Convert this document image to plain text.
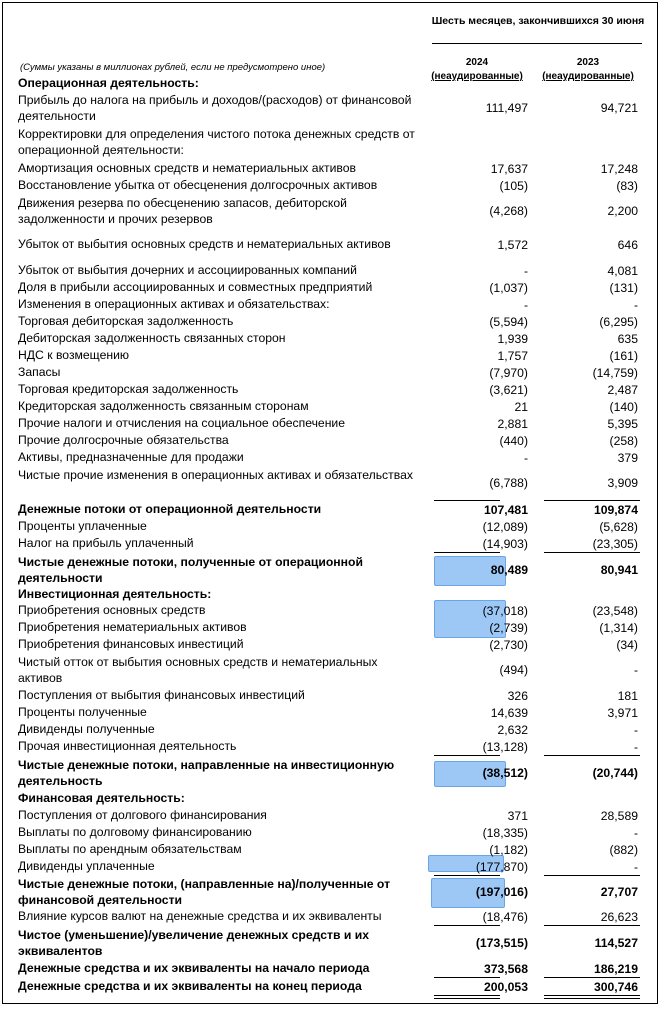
Шесть месяцев, закончившихся 30 июня
(Суммы указаны в миллионах рублей, если не предусмотрено иное)	2024
(неаудированные)
2023
(неаудированные)
Операционная деятельность:
Прибыль до налога на прибыль и доходов/(расходов) от финансовой деятельности
111,497	94,721
Корректировки для определения чистого потока денежных средств от операционной деятельности:
Амортизация основных средств и нематериальных активов	17,637	17,248
Восстановление убытка от обесценения долгосрочных активов	(105)	(83)
Движения резерва по обесценению запасов, дебиторской задолженности и прочих резервов
(4,268)	2,200
Убыток от выбытия основных средств и нематериальных активов	1,572	646
Убыток от выбытия дочерних и ассоциированных компаний	-	4,081
Доля в прибыли ассоциированных и совместных предприятий	(1,037)	(131)
Изменения в операционных активах и обязательствах:	-	-
Торговая дебиторская задолженность	(5,594)	(6,295)
Дебиторская задолженность связанных сторон	1,939	635
НДС к возмещению	1,757	(161)
Запасы	(7,970)	(14,759)
Торговая кредиторская задолженность	(3,621)	2,487
Кредиторская задолженность связанным сторонам	21	(140)
Прочие налоги и отчисления на социальное обеспечение	2,881	5,395
Прочие долгосрочные обязательства	(440)	(258)
Активы, предназначенные для продажи	-	379
Чистые прочие изменения в операционных активах и обязательствах
(6,788)	3,909
Денежные потоки от операционной деятельности	107,481	109,874
Проценты уплаченные	(12,089)	(5,628)
Налог на прибыль уплаченный	(14,903)	(23,305)
Чистые денежные потоки, полученные от операционной деятельности
80,489	80,941
Инвестиционная деятельность:
Приобретения основных средств	(37,018)	(23,548)
Приобретения нематериальных активов	(2,739)	(1,314)
Приобретения финансовых инвестиций	(2,730)	(34)
Чистый отток от выбытия основных средств и нематериальных активов
(494)	-
Поступления от выбытия финансовых инвестиций	326	181
Проценты полученные	14,639	3,971
Дивиденды полученные	2,632	-
Прочая инвестиционная деятельность	(13,128)	-
Чистые денежные потоки, направленные на инвестиционную деятельность
(38,512)	(20,744)
Финансовая деятельность:
Поступления от долгового финансирования	371	28,589
Выплаты по долговому финансированию	(18,335)	-
Выплаты по арендным обязательствам	(1,182)	(882)
Дивиденды уплаченные	(177,870)	-
Чистые денежные потоки, (направленные на)/полученные от финансовой деятельности
(197,016)	27,707
Влияние курсов валют на денежные средства и их эквиваленты	(18,476)	26,623
Чистое (уменьшение)/увеличение денежных средств и их эквивалентов
(173,515)	114,527
Денежные средства и их эквиваленты на начало периода	373,568	186,219
Денежные средства и их эквиваленты на конец периода	200,053	300,746
